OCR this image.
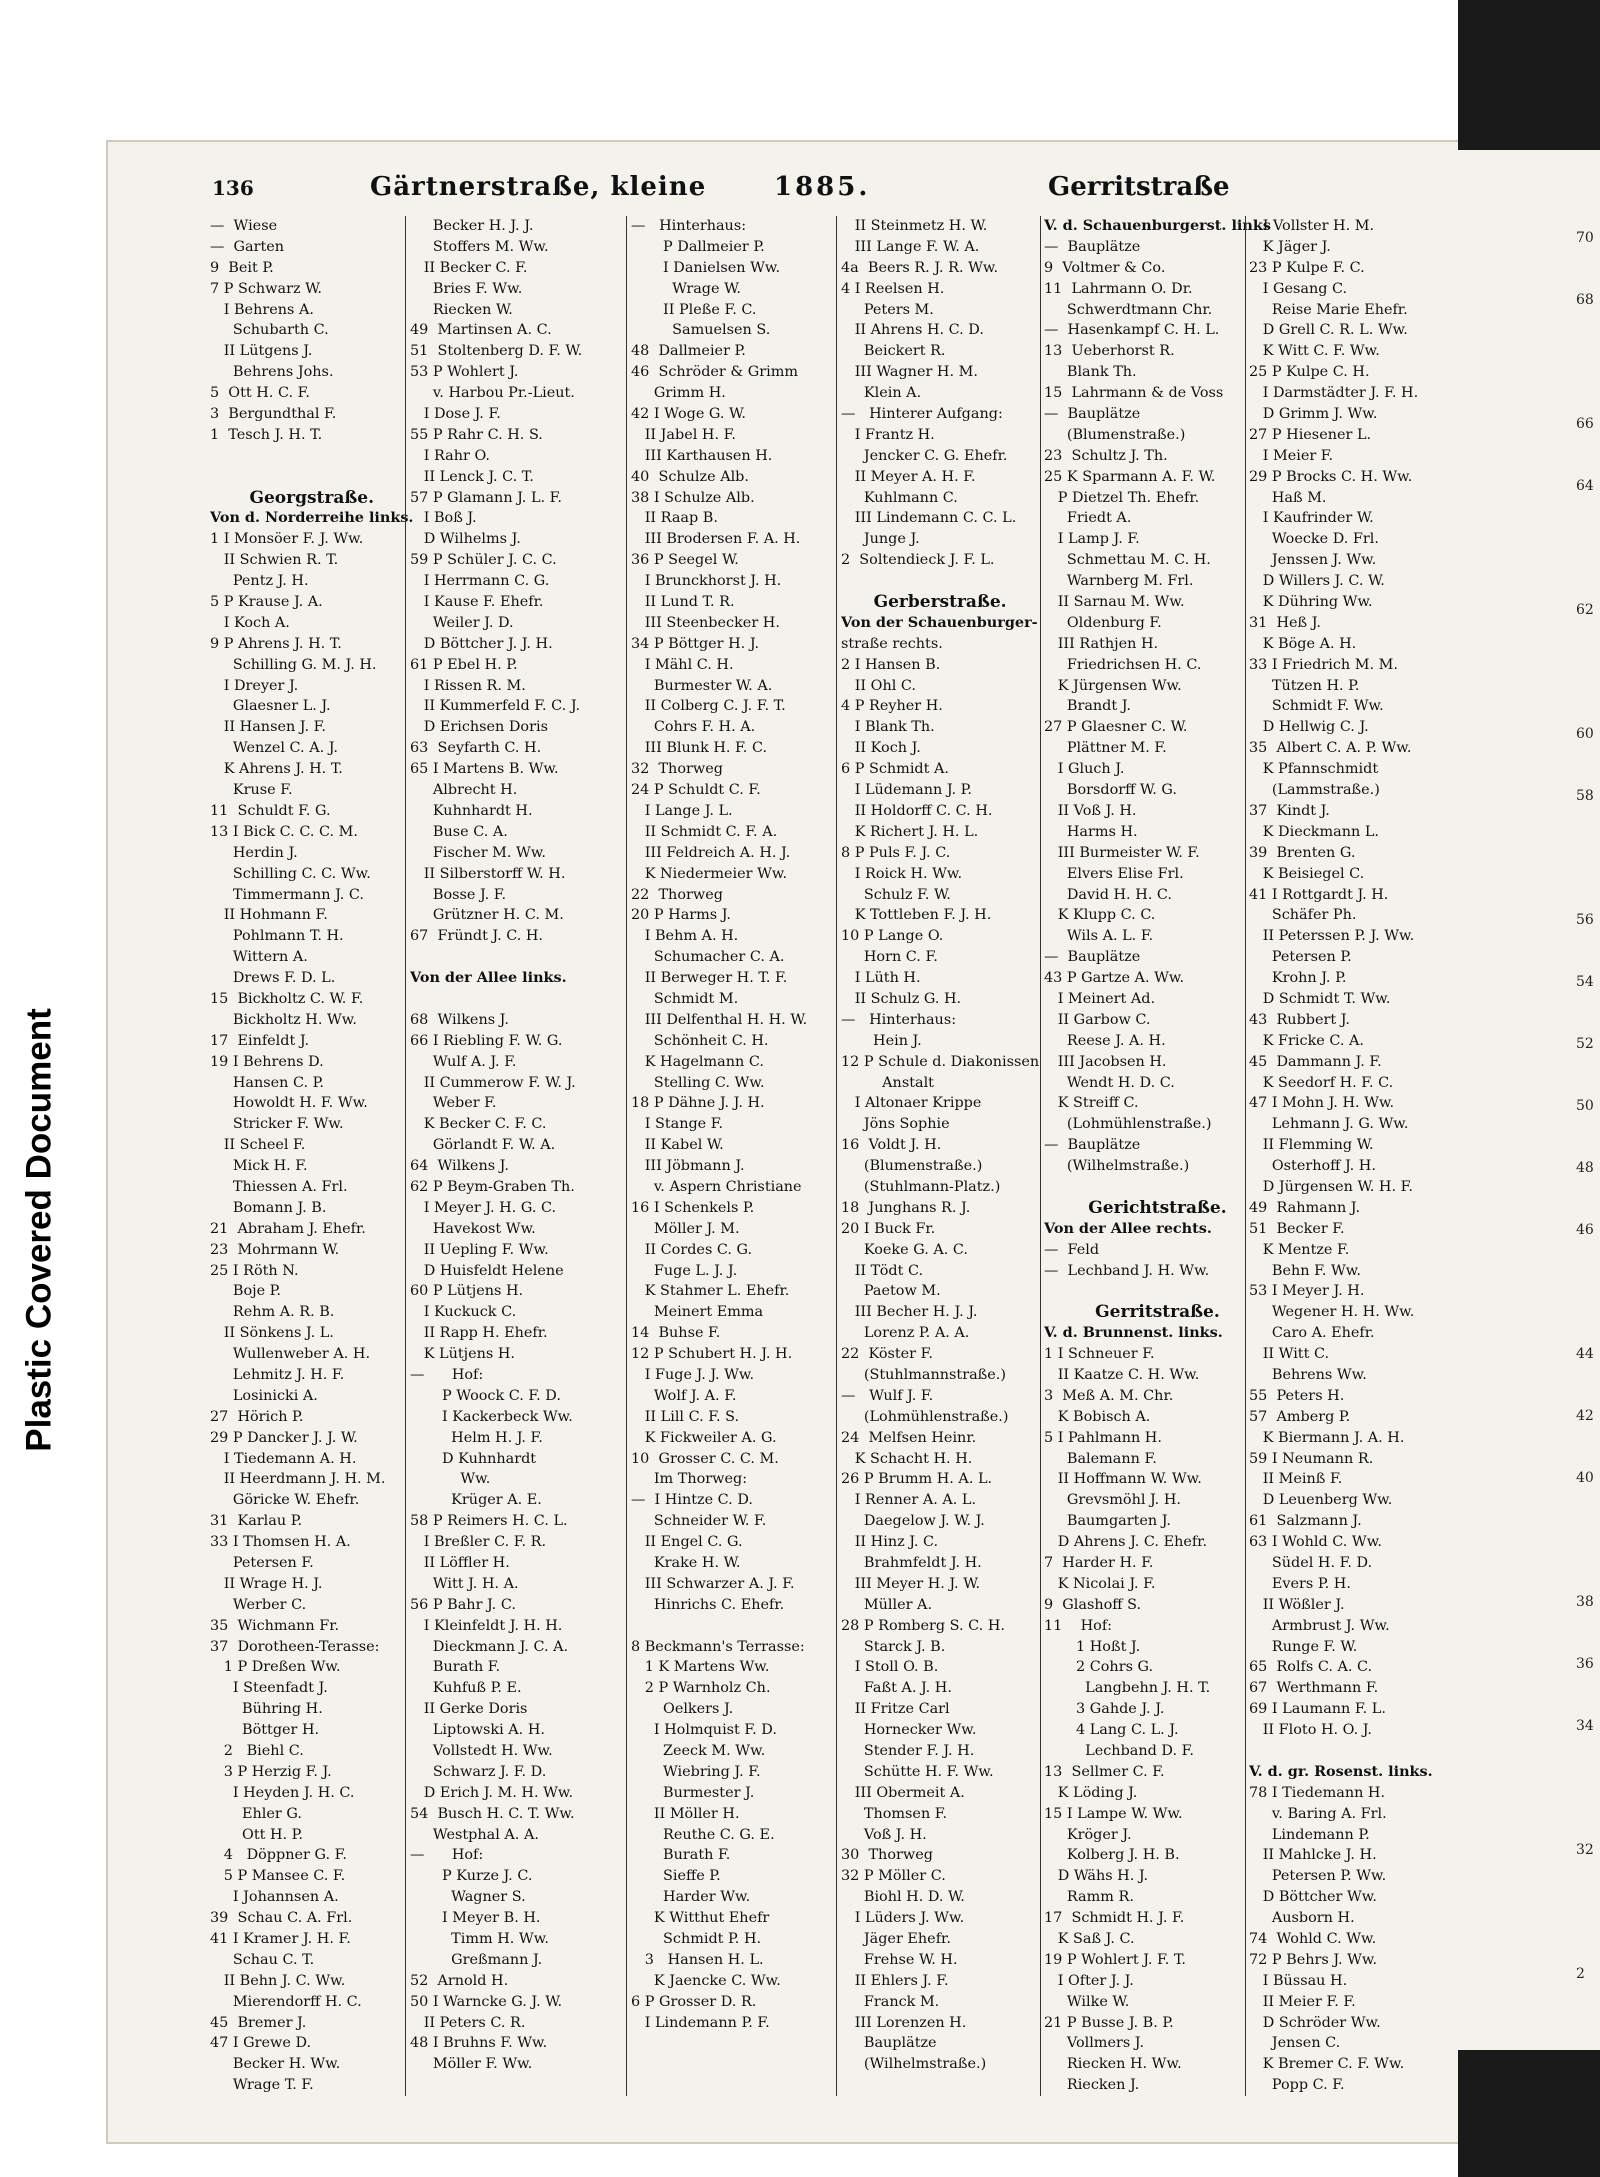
Plastic Covered Document
136	Gärtnerstraße, kleine	1885.	Gerritstraße
—  Wiese
—  Garten
9  Beit P.
7 P Schwarz W.
I Behrens A.
Schubarth C.
II Lütgens J.
Behrens Johs.
5  Ott H. C. F.
3  Bergundthal F.
1  Tesch J. H. T.
Georgstraße.
Von d. Norderreihe links.
1 I Monsöer F. J. Ww.
II Schwien R. T.
Pentz J. H.
5 P Krause J. A.
I Koch A.
9 P Ahrens J. H. T.
Schilling G. M. J. H.
I Dreyer J.
Glaesner L. J.
II Hansen J. F.
Wenzel C. A. J.
K Ahrens J. H. T.
Kruse F.
11  Schuldt F. G.
13 I Bick C. C. C. M.
Herdin J.
Schilling C. C. Ww.
Timmermann J. C.
II Hohmann F.
Pohlmann T. H.
Wittern A.
Drews F. D. L.
15  Bickholtz C. W. F.
Bickholtz H. Ww.
17  Einfeldt J.
19 I Behrens D.
Hansen C. P.
Howoldt H. F. Ww.
Stricker F. Ww.
II Scheel F.
Mick H. F.
Thiessen A. Frl.
Bomann J. B.
21  Abraham J. Ehefr.
23  Mohrmann W.
25 I Röth N.
Boje P.
Rehm A. R. B.
II Sönkens J. L.
Wullenweber A. H.
Lehmitz J. H. F.
Losinicki A.
27  Hörich P.
29 P Dancker J. J. W.
I Tiedemann A. H.
II Heerdmann J. H. M.
Göricke W. Ehefr.
31  Karlau P.
33 I Thomsen H. A.
Petersen F.
II Wrage H. J.
Werber C.
35  Wichmann Fr.
37  Dorotheen-Terasse:
1 P Dreßen Ww.
I Steenfadt J.
Bühring H.
Böttger H.
2   Biehl C.
3 P Herzig F. J.
I Heyden J. H. C.
Ehler G.
Ott H. P.
4   Döppner G. F.
5 P Mansee C. F.
I Johannsen A.
39  Schau C. A. Frl.
41 I Kramer J. H. F.
Schau C. T.
II Behn J. C. Ww.
Mierendorff H. C.
45  Bremer J.
47 I Grewe D.
Becker H. Ww.
Wrage T. F.
Becker H. J. J.
Stoffers M. Ww.
II Becker C. F.
Bries F. Ww.
Riecken W.
49  Martinsen A. C.
51  Stoltenberg D. F. W.
53 P Wohlert J.
v. Harbou Pr.-Lieut.
I Dose J. F.
55 P Rahr C. H. S.
I Rahr O.
II Lenck J. C. T.
57 P Glamann J. L. F.
I Boß J.
D Wilhelms J.
59 P Schüler J. C. C.
I Herrmann C. G.
I Kause F. Ehefr.
Weiler J. D.
D Böttcher J. J. H.
61 P Ebel H. P.
I Rissen R. M.
II Kummerfeld F. C. J.
D Erichsen Doris
63  Seyfarth C. H.
65 I Martens B. Ww.
Albrecht H.
Kuhnhardt H.
Buse C. A.
Fischer M. Ww.
II Silberstorff W. H.
Bosse J. F.
Grützner H. C. M.
67  Fründt J. C. H.
Von der Allee links.
68  Wilkens J.
66 I Riebling F. W. G.
Wulf A. J. F.
II Cummerow F. W. J.
Weber F.
K Becker C. F. C.
Görlandt F. W. A.
64  Wilkens J.
62 P Beym-Graben Th.
I Meyer J. H. G. C.
Havekost Ww.
II Uepling F. Ww.
D Huisfeldt Helene
60 P Lütjens H.
I Kuckuck C.
II Rapp H. Ehefr.
K Lütjens H.
—      Hof:
P Woock C. F. D.
I Kackerbeck Ww.
Helm H. J. F.
D Kuhnhardt
Ww.
Krüger A. E.
58 P Reimers H. C. L.
I Breßler C. F. R.
II Löffler H.
Witt J. H. A.
56 P Bahr J. C.
I Kleinfeldt J. H. H.
Dieckmann J. C. A.
Burath F.
Kuhfuß P. E.
II Gerke Doris
Liptowski A. H.
Vollstedt H. Ww.
Schwarz J. F. D.
D Erich J. M. H. Ww.
54  Busch H. C. T. Ww.
Westphal A. A.
—      Hof:
P Kurze J. C.
Wagner S.
I Meyer B. H.
Timm H. Ww.
Greßmann J.
52  Arnold H.
50 I Warncke G. J. W.
II Peters C. R.
48 I Bruhns F. Ww.
Möller F. Ww.
—   Hinterhaus:
P Dallmeier P.
I Danielsen Ww.
Wrage W.
II Pleße F. C.
Samuelsen S.
48  Dallmeier P.
46  Schröder & Grimm
Grimm H.
42 I Woge G. W.
II Jabel H. F.
III Karthausen H.
40  Schulze Alb.
38 I Schulze Alb.
II Raap B.
III Brodersen F. A. H.
36 P Seegel W.
I Brunckhorst J. H.
II Lund T. R.
III Steenbecker H.
34 P Böttger H. J.
I Mähl C. H.
Burmester W. A.
II Colberg C. J. F. T.
Cohrs F. H. A.
III Blunk H. F. C.
32  Thorweg
24 P Schuldt C. F.
I Lange J. L.
II Schmidt C. F. A.
III Feldreich A. H. J.
K Niedermeier Ww.
22  Thorweg
20 P Harms J.
I Behm A. H.
Schumacher C. A.
II Berweger H. T. F.
Schmidt M.
III Delfenthal H. H. W.
Schönheit C. H.
K Hagelmann C.
Stelling C. Ww.
18 P Dähne J. J. H.
I Stange F.
II Kabel W.
III Jöbmann J.
v. Aspern Christiane
16 I Schenkels P.
Möller J. M.
II Cordes C. G.
Fuge L. J. J.
K Stahmer L. Ehefr.
Meinert Emma
14  Buhse F.
12 P Schubert H. J. H.
I Fuge J. J. Ww.
Wolf J. A. F.
II Lill C. F. S.
K Fickweiler A. G.
10  Grosser C. C. M.
Im Thorweg:
—  I Hintze C. D.
Schneider W. F.
II Engel C. G.
Krake H. W.
III Schwarzer A. J. F.
Hinrichs C. Ehefr.
8 Beckmann's Terrasse:
1 K Martens Ww.
2 P Warnholz Ch.
Oelkers J.
I Holmquist F. D.
Zeeck M. Ww.
Wiebring J. F.
Burmester J.
II Möller H.
Reuthe C. G. E.
Burath F.
Sieffe P.
Harder Ww.
K Witthut Ehefr
Schmidt P. H.
3   Hansen H. L.
K Jaencke C. Ww.
6 P Grosser D. R.
I Lindemann P. F.
II Steinmetz H. W.
III Lange F. W. A.
4a  Beers R. J. R. Ww.
4 I Reelsen H.
Peters M.
II Ahrens H. C. D.
Beickert R.
III Wagner H. M.
Klein A.
—   Hinterer Aufgang:
I Frantz H.
Jencker C. G. Ehefr.
II Meyer A. H. F.
Kuhlmann C.
III Lindemann C. C. L.
Junge J.
2  Soltendieck J. F. L.
Gerberstraße.
Von der Schauenburger-
straße rechts.
2 I Hansen B.
II Ohl C.
4 P Reyher H.
I Blank Th.
II Koch J.
6 P Schmidt A.
I Lüdemann J. P.
II Holdorff C. C. H.
K Richert J. H. L.
8 P Puls F. J. C.
I Roick H. Ww.
Schulz F. W.
K Tottleben F. J. H.
10 P Lange O.
Horn C. F.
I Lüth H.
II Schulz G. H.
—   Hinterhaus:
Hein J.
12 P Schule d. Diakonissen
Anstalt
I Altonaer Krippe
Jöns Sophie
16  Voldt J. H.
(Blumenstraße.)
(Stuhlmann-Platz.)
18  Junghans R. J.
20 I Buck Fr.
Koeke G. A. C.
II Tödt C.
Paetow M.
III Becher H. J. J.
Lorenz P. A. A.
22  Köster F.
(Stuhlmannstraße.)
—   Wulf J. F.
(Lohmühlenstraße.)
24  Melfsen Heinr.
K Schacht H. H.
26 P Brumm H. A. L.
I Renner A. A. L.
Daegelow J. W. J.
II Hinz J. C.
Brahmfeldt J. H.
III Meyer H. J. W.
Müller A.
28 P Romberg S. C. H.
Starck J. B.
I Stoll O. B.
Faßt A. J. H.
II Fritze Carl
Hornecker Ww.
Stender F. J. H.
Schütte H. F. Ww.
III Obermeit A.
Thomsen F.
Voß J. H.
30  Thorweg
32 P Möller C.
Biohl H. D. W.
I Lüders J. Ww.
Jäger Ehefr.
Frehse W. H.
II Ehlers J. F.
Franck M.
III Lorenzen H.
Bauplätze
(Wilhelmstraße.)
V. d. Schauenburgerst. links
—  Bauplätze
9  Voltmer & Co.
11  Lahrmann O. Dr.
Schwerdtmann Chr.
—  Hasenkampf C. H. L.
13  Ueberhorst R.
Blank Th.
15  Lahrmann & de Voss
—  Bauplätze
(Blumenstraße.)
23  Schultz J. Th.
25 K Sparmann A. F. W.
P Dietzel Th. Ehefr.
Friedt A.
I Lamp J. F.
Schmettau M. C. H.
Warnberg M. Frl.
II Sarnau M. Ww.
Oldenburg F.
III Rathjen H.
Friedrichsen H. C.
K Jürgensen Ww.
Brandt J.
27 P Glaesner C. W.
Plättner M. F.
I Gluch J.
Borsdorff W. G.
II Voß J. H.
Harms H.
III Burmeister W. F.
Elvers Elise Frl.
David H. H. C.
K Klupp C. C.
Wils A. L. F.
—  Bauplätze
43 P Gartze A. Ww.
I Meinert Ad.
II Garbow C.
Reese J. A. H.
III Jacobsen H.
Wendt H. D. C.
K Streiff C.
(Lohmühlenstraße.)
—  Bauplätze
(Wilhelmstraße.)
Gerichtstraße.
Von der Allee rechts.
—  Feld
—  Lechband J. H. Ww.
Gerritstraße.
V. d. Brunnenst. links.
1 I Schneuer F.
II Kaatze C. H. Ww.
3  Meß A. M. Chr.
K Bobisch A.
5 I Pahlmann H.
Balemann F.
II Hoffmann W. Ww.
Grevsmöhl J. H.
Baumgarten J.
D Ahrens J. C. Ehefr.
7  Harder H. F.
K Nicolai J. F.
9  Glashoff S.
11    Hof:
1 Hoßt J.
2 Cohrs G.
Langbehn J. H. T.
3 Gahde J. J.
4 Lang C. L. J.
Lechband D. F.
13  Sellmer C. F.
K Löding J.
15 I Lampe W. Ww.
Kröger J.
Kolberg J. H. B.
D Wähs H. J.
Ramm R.
17  Schmidt H. J. F.
K Saß J. C.
19 P Wohlert J. F. T.
I Ofter J. J.
Wilke W.
21 P Busse J. B. P.
Vollmers J.
Riecken H. Ww.
Riecken J.
I Vollster H. M.
K Jäger J.
23 P Kulpe F. C.
I Gesang C.
Reise Marie Ehefr.
D Grell C. R. L. Ww.
K Witt C. F. Ww.
25 P Kulpe C. H.
I Darmstädter J. F. H.
D Grimm J. Ww.
27 P Hiesener L.
I Meier F.
29 P Brocks C. H. Ww.
Haß M.
I Kaufrinder W.
Woecke D. Frl.
Jenssen J. Ww.
D Willers J. C. W.
K Dühring Ww.
31  Heß J.
K Böge A. H.
33 I Friedrich M. M.
Tützen H. P.
Schmidt F. Ww.
D Hellwig C. J.
35  Albert C. A. P. Ww.
K Pfannschmidt
(Lammstraße.)
37  Kindt J.
K Dieckmann L.
39  Brenten G.
K Beisiegel C.
41 I Rottgardt J. H.
Schäfer Ph.
II Peterssen P. J. Ww.
Petersen P.
Krohn J. P.
D Schmidt T. Ww.
43  Rubbert J.
K Fricke C. A.
45  Dammann J. F.
K Seedorf H. F. C.
47 I Mohn J. H. Ww.
Lehmann J. G. Ww.
II Flemming W.
Osterhoff J. H.
D Jürgensen W. H. F.
49  Rahmann J.
51  Becker F.
K Mentze F.
Behn F. Ww.
53 I Meyer J. H.
Wegener H. H. Ww.
Caro A. Ehefr.
II Witt C.
Behrens Ww.
55  Peters H.
57  Amberg P.
K Biermann J. A. H.
59 I Neumann R.
II Meinß F.
D Leuenberg Ww.
61  Salzmann J.
63 I Wohld C. Ww.
Südel H. F. D.
Evers P. H.
II Wößler J.
Armbrust J. Ww.
Runge F. W.
65  Rolfs C. A. C.
67  Werthmann F.
69 I Laumann F. L.
II Floto H. O. J.
V. d. gr. Rosenst. links.
78 I Tiedemann H.
v. Baring A. Frl.
Lindemann P.
II Mahlcke J. H.
Petersen P. Ww.
D Böttcher Ww.
Ausborn H.
74  Wohld C. Ww.
72 P Behrs J. Ww.
I Büssau H.
II Meier F. F.
D Schröder Ww.
Jensen C.
K Bremer C. F. Ww.
Popp C. F.
70
68
66
64
62
60
58
56
54
52
50
48
46
44
42
40
38
36
34
32
2
